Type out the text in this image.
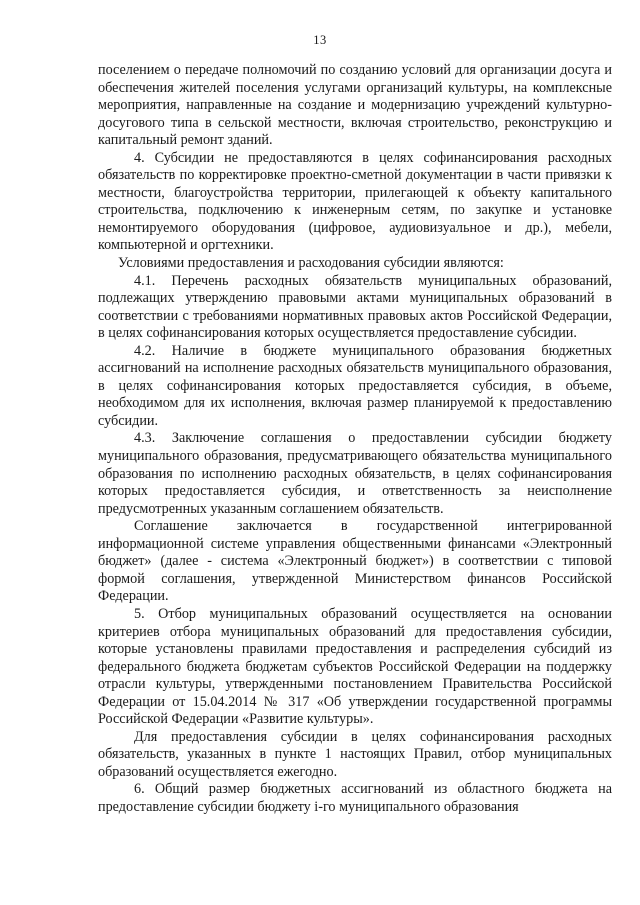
13

поселением о передаче полномочий по созданию условий для организации досуга и обеспечения жителей поселения услугами организаций культуры, на комплексные мероприятия, направленные на создание и модернизацию учреждений культурно-досугового типа в сельской местности, включая строительство, реконструкцию и капитальный ремонт зданий.

4. Субсидии не предоставляются в целях софинансирования расходных обязательств по корректировке проектно-сметной документации в части привязки к местности, благоустройства территории, прилегающей к объекту капитального строительства, подключению к инженерным сетям, по закупке и установке немонтируемого оборудования (цифровое, аудиовизуальное и др.), мебели, компьютерной и оргтехники.

Условиями предоставления и расходования субсидии являются:

4.1. Перечень расходных обязательств муниципальных образований, подлежащих утверждению правовыми актами муниципальных образований в соответствии с требованиями нормативных правовых актов Российской Федерации, в целях софинансирования которых осуществляется предоставление субсидии.

4.2. Наличие в бюджете муниципального образования бюджетных ассигнований на исполнение расходных обязательств муниципального образования, в целях софинансирования которых предоставляется субсидия, в объеме, необходимом для их исполнения, включая размер планируемой к предоставлению субсидии.

4.3. Заключение соглашения о предоставлении субсидии бюджету муниципального образования, предусматривающего обязательства муниципального образования по исполнению расходных обязательств, в целях софинансирования которых предоставляется субсидия, и ответственность за неисполнение предусмотренных указанным соглашением обязательств.

Соглашение заключается в государственной интегрированной информационной системе управления общественными финансами «Электронный бюджет» (далее - система «Электронный бюджет») в соответствии с типовой формой соглашения, утвержденной Министерством финансов Российской Федерации.

5. Отбор муниципальных образований осуществляется на основании критериев отбора муниципальных образований для предоставления субсидии, которые установлены правилами предоставления и распределения субсидий из федерального бюджета бюджетам субъектов Российской Федерации на поддержку отрасли культуры, утвержденными постановлением Правительства Российской Федерации от 15.04.2014 № 317 «Об утверждении государственной программы Российской Федерации «Развитие культуры».

Для предоставления субсидии в целях софинансирования расходных обязательств, указанных в пункте 1 настоящих Правил, отбор муниципальных образований осуществляется ежегодно.

6. Общий размер бюджетных ассигнований из областного бюджета на предоставление субсидии бюджету i-го муниципального образования
